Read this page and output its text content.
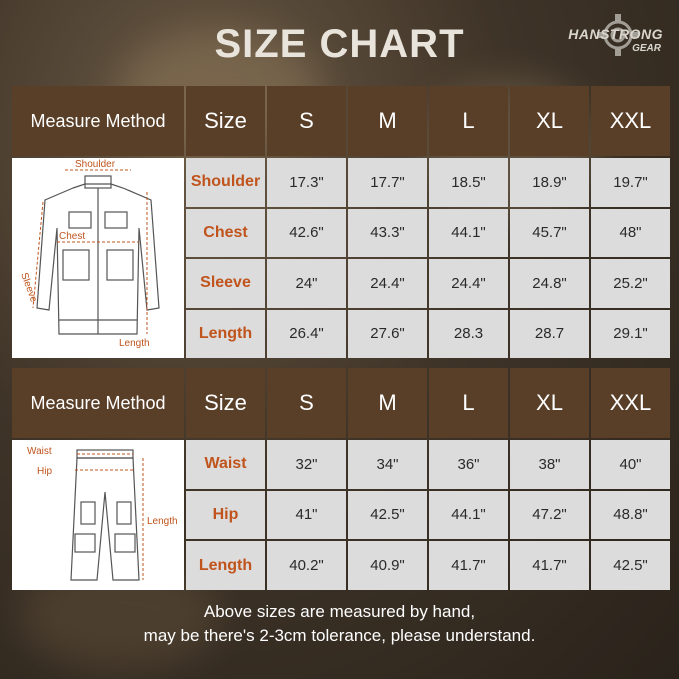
SIZE CHART	HANSTRONG
GEAR
Measure Method	Size	S	M	L	XL	XXL

Shoulder
Chest
Sleeve
Length	Shoulder	17.3"	17.7"	18.5"	18.9"	19.7"
	Chest	42.6"	43.3"	44.1"	45.7"	48"
	Sleeve	24"	24.4"	24.4"	24.8"	25.2"
	Length	26.4"	27.6"	28.3	28.7	29.1"
Measure Method	Size	S	M	L	XL	XXL

Waist
Hip
Length	Waist	32"	34"	36"	38"	40"
	Hip	41"	42.5"	44.1"	47.2"	48.8"
	Length	40.2"	40.9"	41.7"	41.7"	42.5"
Above sizes are measured by hand,
may be there's 2-3cm tolerance, please understand.
